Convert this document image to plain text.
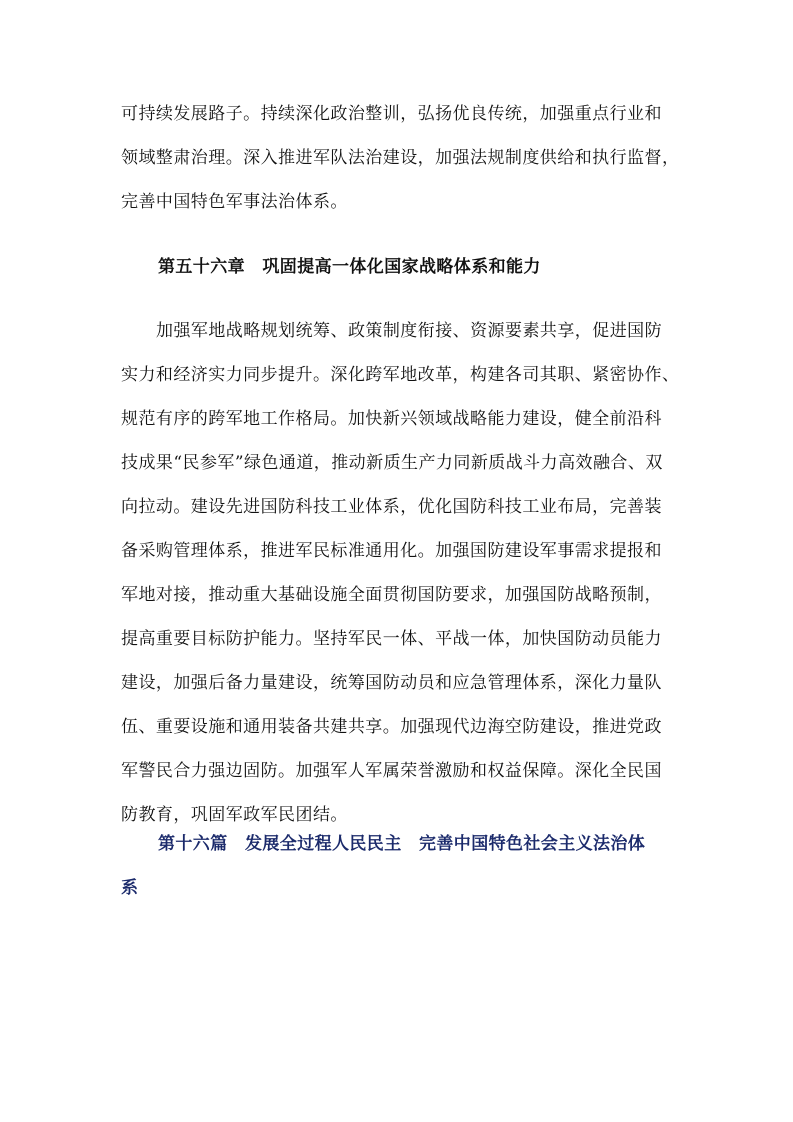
可持续发展路子。持续深化政治整训，弘扬优良传统，加强重点行业和
领域整肃治理。深入推进军队法治建设，加强法规制度供给和执行监督，
完善中国特色军事法治体系。
第五十六章　巩固提高一体化国家战略体系和能力
加强军地战略规划统筹、政策制度衔接、资源要素共享，促进国防
实力和经济实力同步提升。深化跨军地改革，构建各司其职、紧密协作、
规范有序的跨军地工作格局。加快新兴领域战略能力建设，健全前沿科
技成果“民参军”绿色通道，推动新质生产力同新质战斗力高效融合、双
向拉动。建设先进国防科技工业体系，优化国防科技工业布局，完善装
备采购管理体系，推进军民标准通用化。加强国防建设军事需求提报和
军地对接，推动重大基础设施全面贯彻国防要求，加强国防战略预制，
提高重要目标防护能力。坚持军民一体、平战一体，加快国防动员能力
建设，加强后备力量建设，统筹国防动员和应急管理体系，深化力量队
伍、重要设施和通用装备共建共享。加强现代边海空防建设，推进党政
军警民合力强边固防。加强军人军属荣誉激励和权益保障。深化全民国
防教育，巩固军政军民团结。
第十六篇　发展全过程人民民主　完善中国特色社会主义法治体
系
